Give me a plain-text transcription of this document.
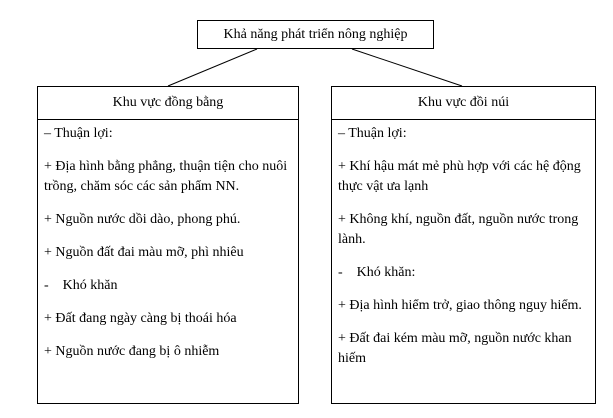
Khả năng phát triển nông nghiệp
Khu vực đồng bằng
– Thuận lợi:
+ Địa hình bằng phẳng, thuận tiện cho nuôi trồng, chăm sóc các sản phẩm NN.
+ Nguồn nước dồi dào, phong phú.
+ Nguồn đất đai màu mỡ, phì nhiêu
-    Khó khăn
+ Đất đang ngày càng bị thoái hóa
+ Nguồn nước đang bị ô nhiễm
Khu vực đồi núi
– Thuận lợi:
+ Khí hậu mát mẻ phù hợp với các hệ động thực vật ưa lạnh
+ Không khí, nguồn đất, nguồn nước trong lành.
-    Khó khăn:
+ Địa hình hiểm trở, giao thông nguy hiểm.
+ Đất đai kém màu mỡ, nguồn nước khan hiếm
